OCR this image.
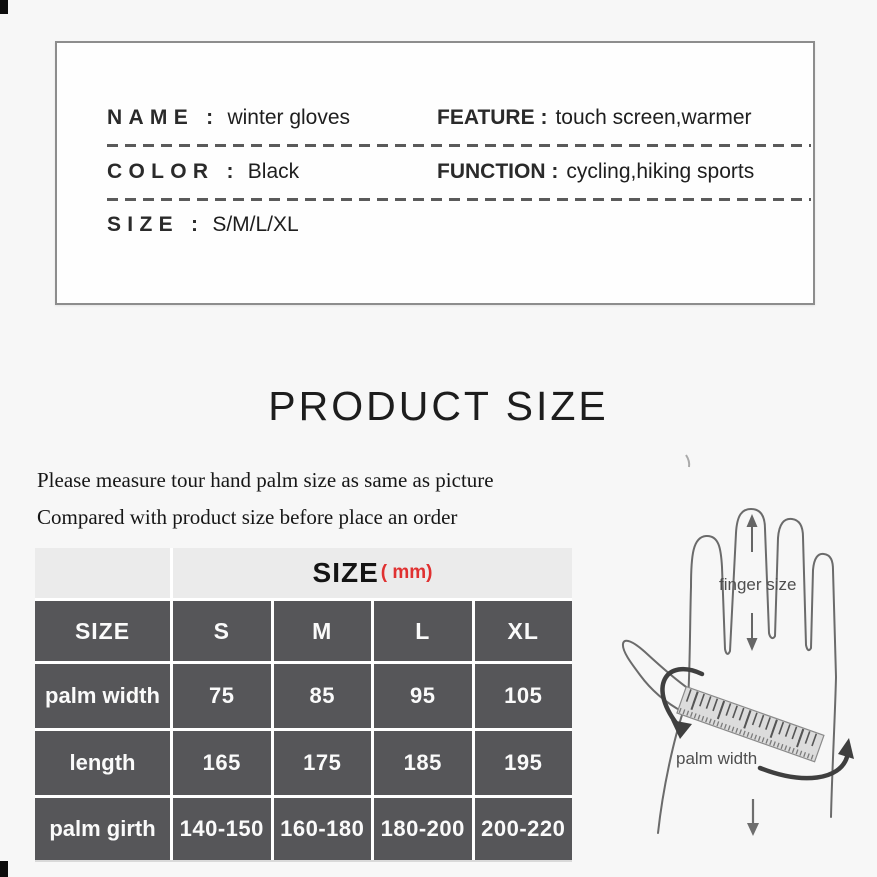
NAME : winter gloves	FEATURE : touch screen,warmer
COLOR : Black	FUNCTION : cycling,hiking sports
SIZE : S/M/L/XL
PRODUCT SIZE

Please measure tour hand palm size as same as picture

Compared with product size before place an order

SIZE ( mm)
SIZE	S	M	L	XL
palm width	75	85	95	105
length	165	175	185	195
palm girth	140-150 160-180 180-200 200-220
finger size
palm width
